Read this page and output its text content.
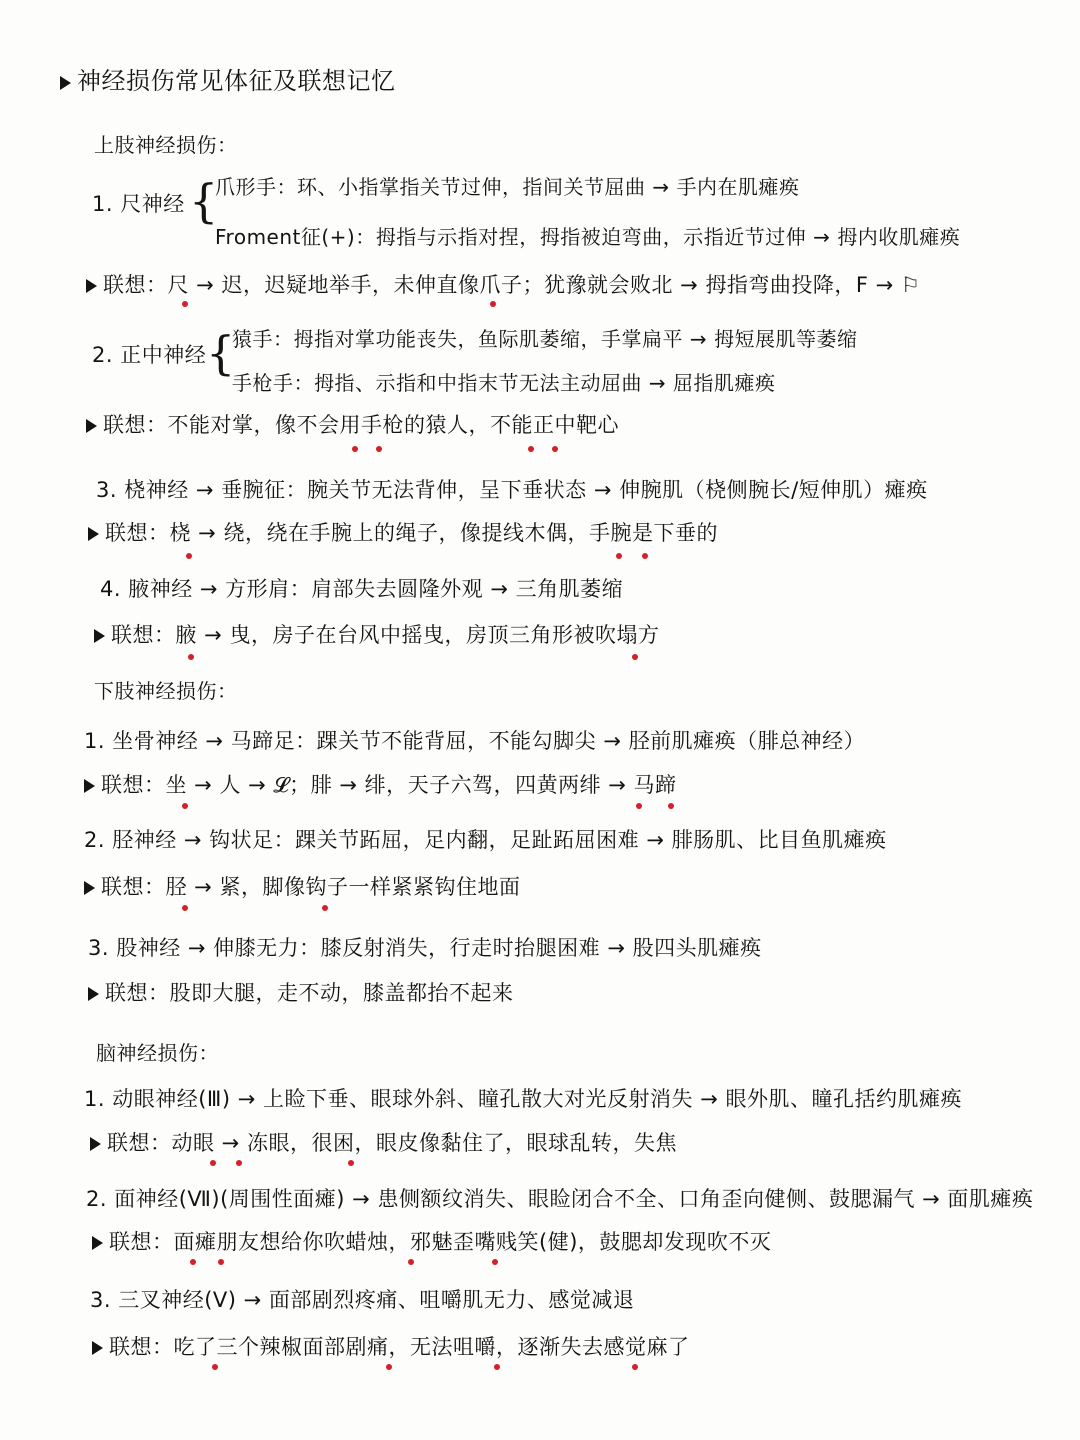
神经损伤常见体征及联想记忆
上肢神经损伤：
1. 尺神经 {
爪形手：环、小指掌指关节过伸，指间关节屈曲 → 手内在肌瘫痪
Froment征(+)：拇指与示指对捏，拇指被迫弯曲，示指近节过伸 → 拇内收肌瘫痪
联想：尺 → 迟，迟疑地举手，未伸直像爪子；犹豫就会败北 → 拇指弯曲投降，F → ⚐
2. 正中神经 {
猿手：拇指对掌功能丧失，鱼际肌萎缩，手掌扁平 → 拇短展肌等萎缩
手枪手：拇指、示指和中指末节无法主动屈曲 → 屈指肌瘫痪
联想：不能对掌，像不会用手枪的猿人，不能正中靶心
3. 桡神经 → 垂腕征：腕关节无法背伸，呈下垂状态 → 伸腕肌（桡侧腕长/短伸肌）瘫痪
联想：桡 → 绕，绕在手腕上的绳子，像提线木偶，手腕是下垂的
4. 腋神经 → 方形肩：肩部失去圆隆外观 → 三角肌萎缩
联想：腋 → 曳，房子在台风中摇曳，房顶三角形被吹塌方
下肢神经损伤：
1. 坐骨神经 → 马蹄足：踝关节不能背屈，不能勾脚尖 → 胫前肌瘫痪（腓总神经）
联想：坐 → 人 → 𝓛；腓 → 绯，天子六驾，四黄两绯 → 马蹄
2. 胫神经 → 钩状足：踝关节跖屈，足内翻，足趾跖屈困难 → 腓肠肌、比目鱼肌瘫痪
联想：胫 → 紧，脚像钩子一样紧紧钩住地面
3. 股神经 → 伸膝无力：膝反射消失，行走时抬腿困难 → 股四头肌瘫痪
联想：股即大腿，走不动，膝盖都抬不起来
脑神经损伤：
1. 动眼神经(Ⅲ) → 上睑下垂、眼球外斜、瞳孔散大对光反射消失 → 眼外肌、瞳孔括约肌瘫痪
联想：动眼 → 冻眼，很困，眼皮像黏住了，眼球乱转，失焦
2. 面神经(Ⅶ)(周围性面瘫) → 患侧额纹消失、眼睑闭合不全、口角歪向健侧、鼓腮漏气 → 面肌瘫痪
联想：面瘫朋友想给你吹蜡烛，邪魅歪嘴贱笑(健)，鼓腮却发现吹不灭
3. 三叉神经(Ⅴ) → 面部剧烈疼痛、咀嚼肌无力、感觉减退
联想：吃了三个辣椒面部剧痛，无法咀嚼，逐渐失去感觉麻了
